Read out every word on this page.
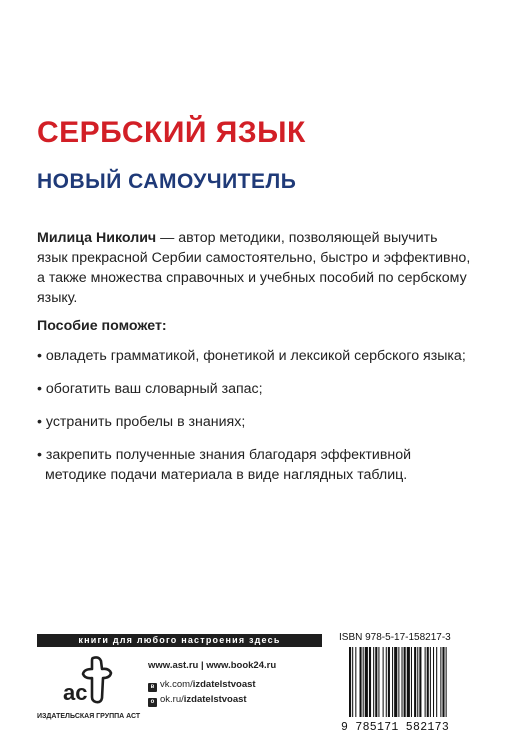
СЕРБСКИЙ ЯЗЫК
НОВЫЙ САМОУЧИТЕЛЬ
Милица Николич — автор методики, позволяющей выучить
язык прекрасной Сербии самостоятельно, быстро и эффективно,
а также множества справочных и учебных пособий по сербскому
языку.
Пособие поможет:
• овладеть грамматикой, фонетикой и лексикой сербского языка;
• обогатить ваш словарный запас;
• устранить пробелы в знаниях;
• закрепить полученные знания благодаря эффективной
методике подачи материала в виде наглядных таблиц.
книги для любого настроения здесь
ас
ИЗДАТЕЛЬСКАЯ ГРУППА АСТ
www.ast.ru | www.book24.ru
в vk.com/izdatelstvoast
о ok.ru/izdatelstvoast
ISBN 978-5-17-158217-3
9 785171 582173
